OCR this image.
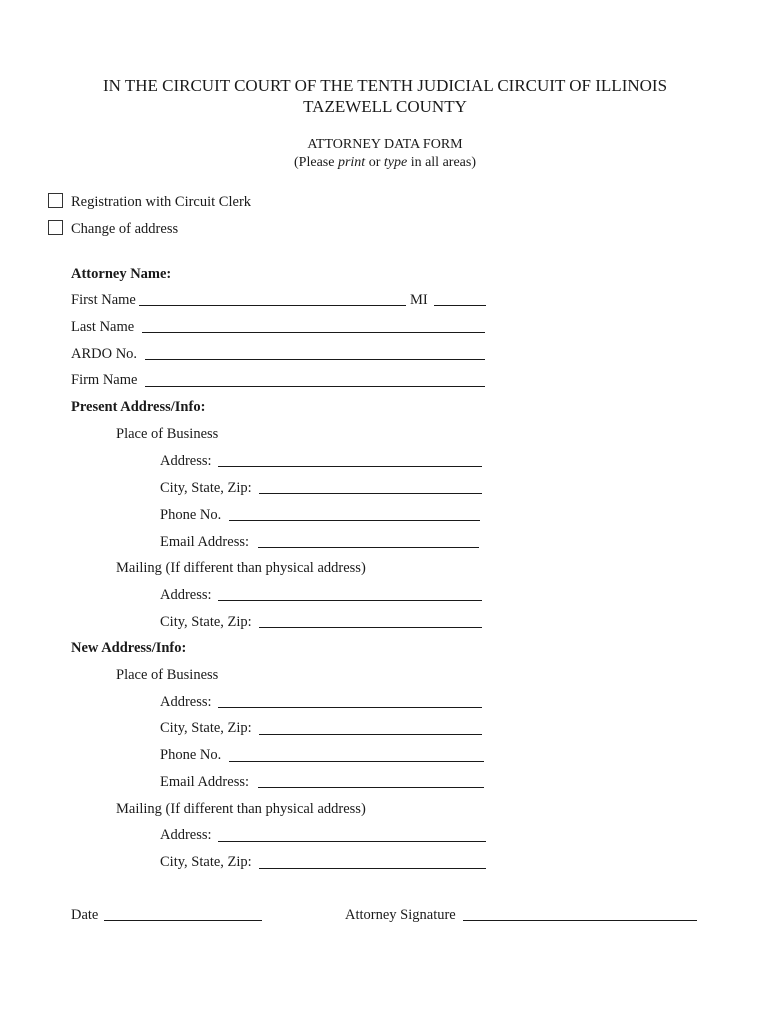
IN THE CIRCUIT COURT OF THE TENTH JUDICIAL CIRCUIT OF ILLINOIS
TAZEWELL COUNTY
ATTORNEY DATA FORM
(Please print or type in all areas)
Registration with Circuit Clerk
Change of address
Attorney Name:
First Name	MI
Last Name
ARDO No.
Firm Name
Present Address/Info:
Place of Business
Address:
City, State, Zip:
Phone No.
Email Address:
Mailing (If different than physical address)
Address:
City, State, Zip:
New Address/Info:
Place of Business
Address:
City, State, Zip:
Phone No.
Email Address:
Mailing (If different than physical address)
Address:
City, State, Zip:
Date	Attorney Signature
